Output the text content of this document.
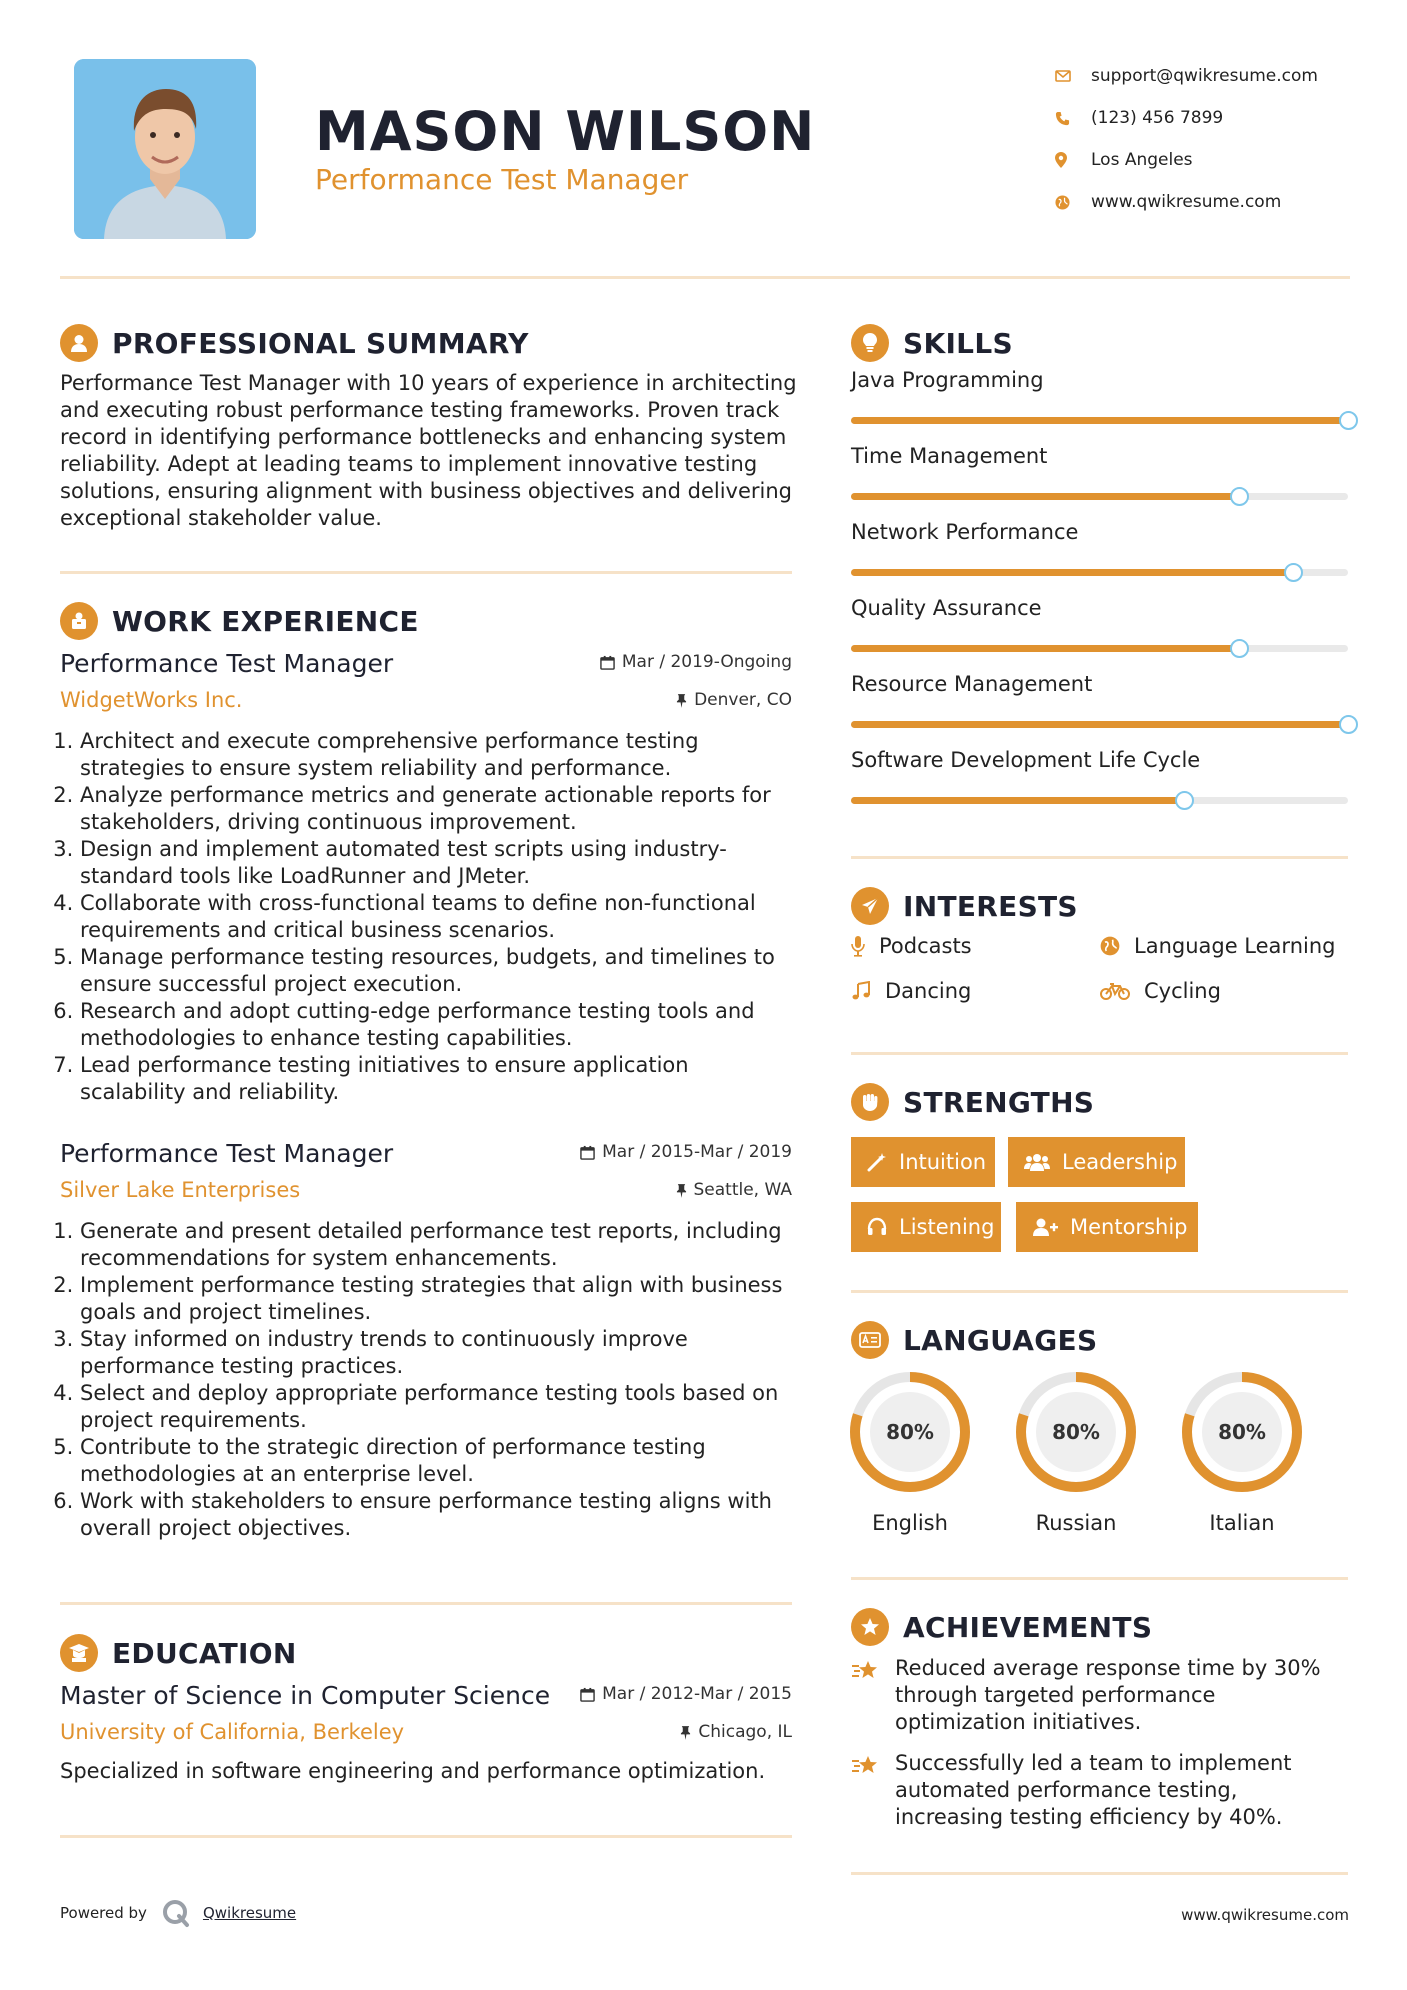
MASON WILSON
Performance Test Manager
support@qwikresume.com
(123) 456 7899
Los Angeles
www.qwikresume.com
PROFESSIONAL SUMMARY

Performance Test Manager with 10 years of experience in architecting and executing robust performance testing frameworks. Proven track record in identifying performance bottlenecks and enhancing system reliability. Adept at leading teams to implement innovative testing solutions, ensuring alignment with business objectives and delivering exceptional stakeholder value.

WORK EXPERIENCE
Performance Test Manager	Mar / 2019-Ongoing
WidgetWorks Inc.	Denver, CO
1. Architect and execute comprehensive performance testing strategies to ensure system reliability and performance.
2. Analyze performance metrics and generate actionable reports for stakeholders, driving continuous improvement.
3. Design and implement automated test scripts using industry-standard tools like LoadRunner and JMeter.
4. Collaborate with cross-functional teams to define non-functional requirements and critical business scenarios.
5. Manage performance testing resources, budgets, and timelines to ensure successful project execution.
6. Research and adopt cutting-edge performance testing tools and methodologies to enhance testing capabilities.
7. Lead performance testing initiatives to ensure application scalability and reliability.
Performance Test Manager	Mar / 2015-Mar / 2019
Silver Lake Enterprises	Seattle, WA
1. Generate and present detailed performance test reports, including recommendations for system enhancements.
2. Implement performance testing strategies that align with business goals and project timelines.
3. Stay informed on industry trends to continuously improve performance testing practices.
4. Select and deploy appropriate performance testing tools based on project requirements.
5. Contribute to the strategic direction of performance testing methodologies at an enterprise level.
6. Work with stakeholders to ensure performance testing aligns with overall project objectives.
EDUCATION
Master of Science in Computer Science	Mar / 2012-Mar / 2015
University of California, Berkeley	Chicago, IL
Specialized in software engineering and performance optimization.
SKILLS
Java Programming
Time Management
Network Performance
Quality Assurance
Resource Management
Software Development Life Cycle
INTERESTS
Podcasts	Language Learning
Dancing	Cycling
STRENGTHS
Intuition	Leadership
Listening	Mentorship
LANGUAGES
80%
English
80%
Russian
80%
Italian
ACHIEVEMENTS
Reduced average response time by 30% through targeted performance optimization initiatives.
Successfully led a team to implement automated performance testing, increasing testing efficiency by 40%.
Powered by	Qwikresume	www.qwikresume.com
